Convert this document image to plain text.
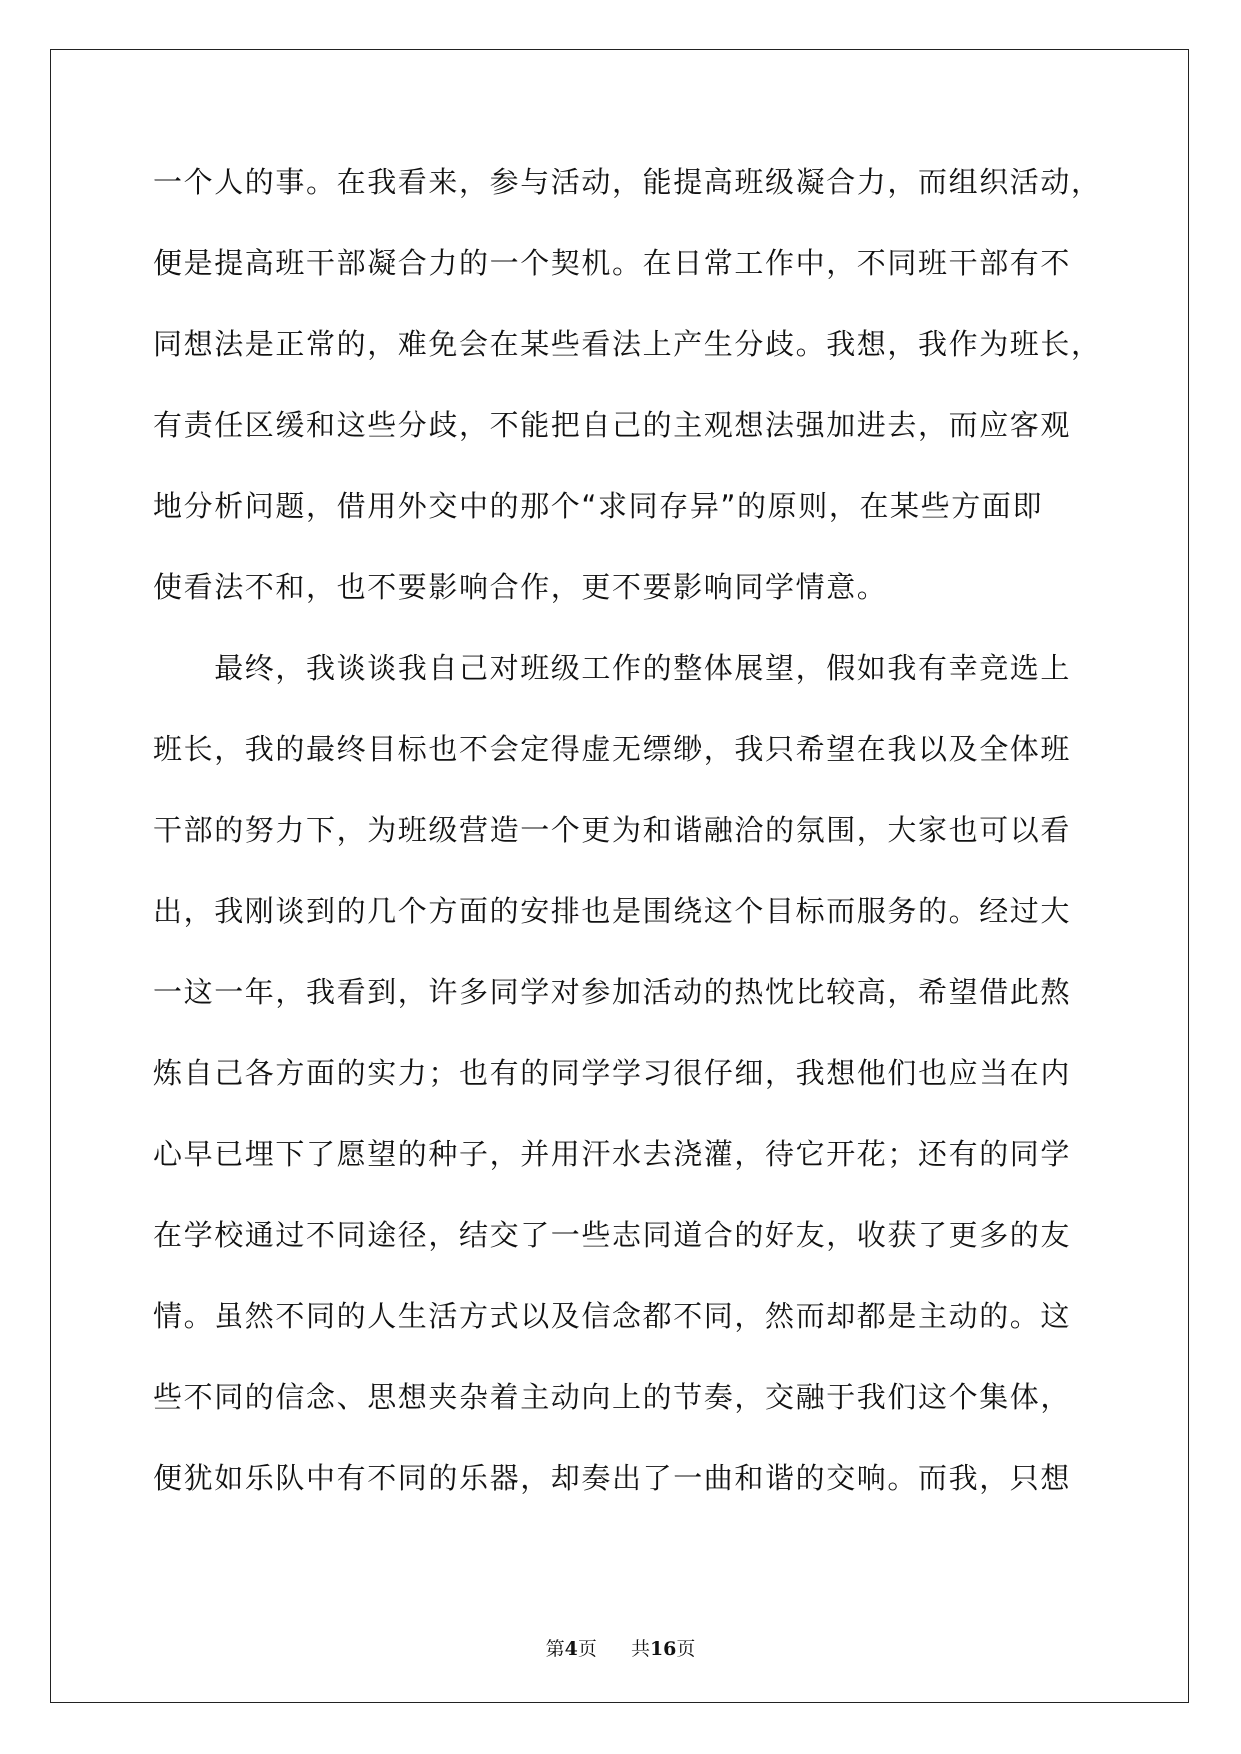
一个人的事。在我看来，参与活动，能提高班级凝合力，而组织活动，
便是提高班干部凝合力的一个契机。在日常工作中，不同班干部有不
同想法是正常的，难免会在某些看法上产生分歧。我想，我作为班长，
有责任区缓和这些分歧，不能把自己的主观想法强加进去，而应客观
地分析问题，借用外交中的那个“求同存异”的原则，在某些方面即
使看法不和，也不要影响合作，更不要影响同学情意。
　　最终，我谈谈我自己对班级工作的整体展望，假如我有幸竞选上
班长，我的最终目标也不会定得虚无缥缈，我只希望在我以及全体班
干部的努力下，为班级营造一个更为和谐融洽的氛围，大家也可以看
出，我刚谈到的几个方面的安排也是围绕这个目标而服务的。经过大
一这一年，我看到，许多同学对参加活动的热忱比较高，希望借此熬
炼自己各方面的实力；也有的同学学习很仔细，我想他们也应当在内
心早已埋下了愿望的种子，并用汗水去浇灌，待它开花；还有的同学
在学校通过不同途径，结交了一些志同道合的好友，收获了更多的友
情。虽然不同的人生活方式以及信念都不同，然而却都是主动的。这
些不同的信念、思想夹杂着主动向上的节奏，交融于我们这个集体，
便犹如乐队中有不同的乐器，却奏出了一曲和谐的交响。而我，只想
第4页 共16页
